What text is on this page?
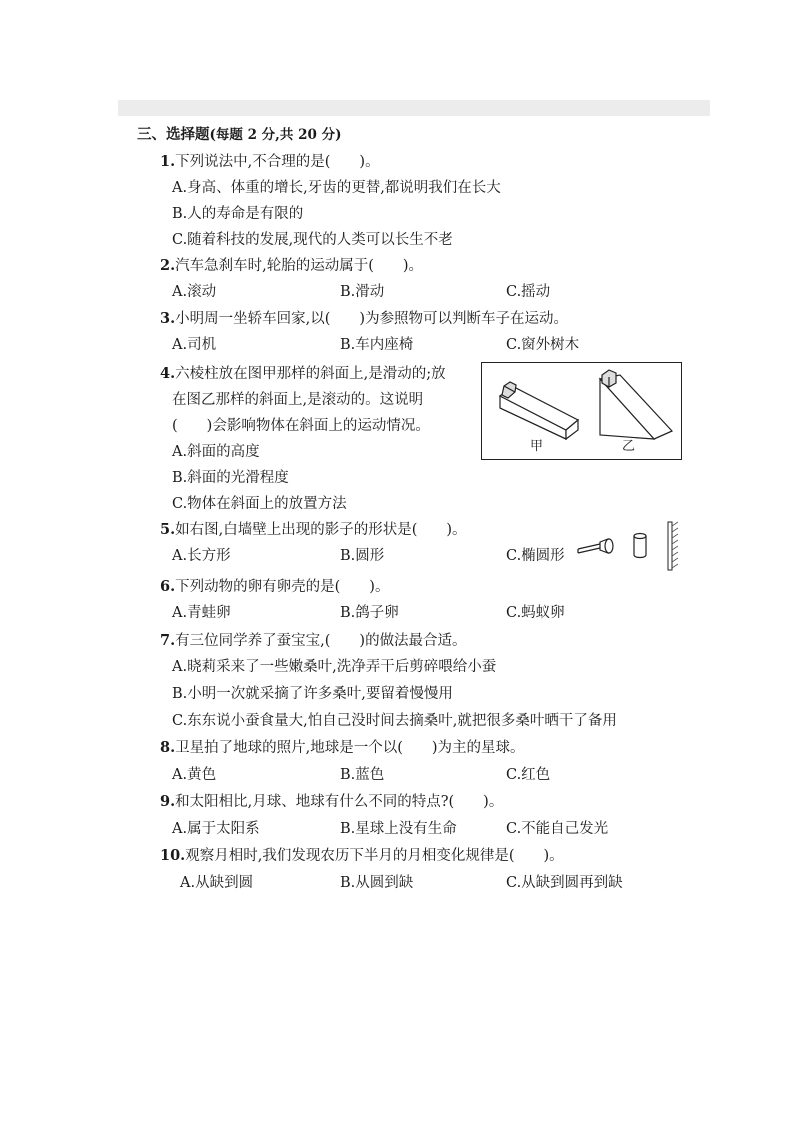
三、选择题(每题 2 分,共 20 分)
1.下列说法中,不合理的是(　　)。
A.身高、体重的增长,牙齿的更替,都说明我们在长大
B.人的寿命是有限的
C.随着科技的发展,现代的人类可以长生不老
2.汽车急刹车时,轮胎的运动属于(　　)。
A.滚动	B.滑动	C.摇动
3.小明周一坐轿车回家,以(　　)为参照物可以判断车子在运动。
A.司机	B.车内座椅	C.窗外树木
4.六棱柱放在图甲那样的斜面上,是滑动的;放
在图乙那样的斜面上,是滚动的。这说明
(　　)会影响物体在斜面上的运动情况。
A.斜面的高度
B.斜面的光滑程度
C.物体在斜面上的放置方法
甲	乙
5.如右图,白墙壁上出现的影子的形状是(　　)。
A.长方形	B.圆形	C.椭圆形
6.下列动物的卵有卵壳的是(　　)。
A.青蛙卵	B.鸽子卵	C.蚂蚁卵
7.有三位同学养了蚕宝宝,(　　)的做法最合适。
A.晓莉采来了一些嫩桑叶,洗净弄干后剪碎喂给小蚕
B.小明一次就采摘了许多桑叶,要留着慢慢用
C.东东说小蚕食量大,怕自己没时间去摘桑叶,就把很多桑叶晒干了备用
8.卫星拍了地球的照片,地球是一个以(　　)为主的星球。
A.黄色	B.蓝色	C.红色
9.和太阳相比,月球、地球有什么不同的特点?(　　)。
A.属于太阳系	B.星球上没有生命	C.不能自己发光
10.观察月相时,我们发现农历下半月的月相变化规律是(　　)。
A.从缺到圆	B.从圆到缺	C.从缺到圆再到缺
